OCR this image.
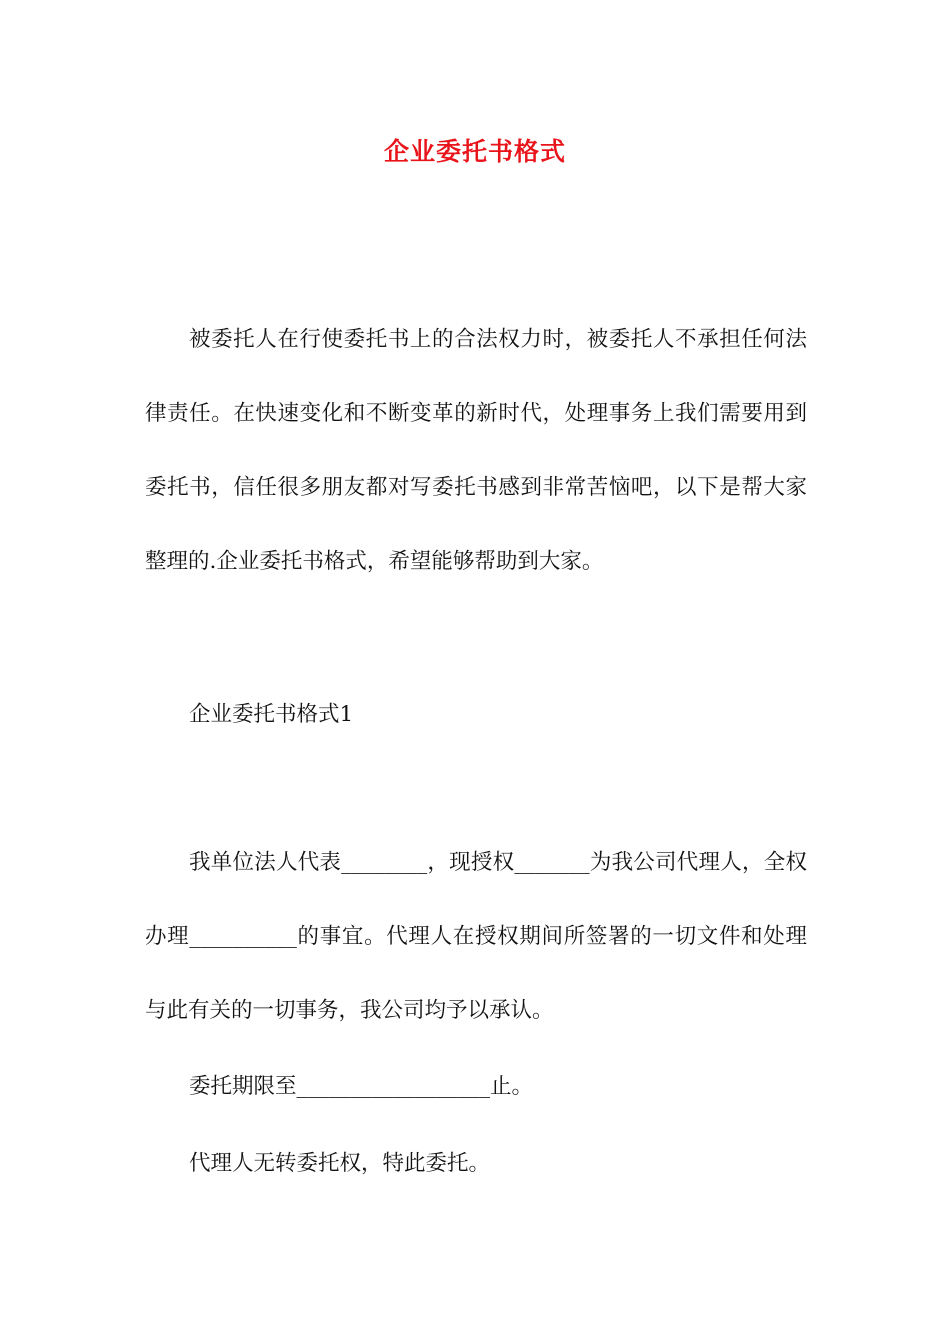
企业委托书格式

被委托人在行使委托书上的合法权力时，被委托人不承担任何法律责任。在快速变化和不断变革的新时代，处理事务上我们需要用到委托书，信任很多朋友都对写委托书感到非常苦恼吧，以下是帮大家整理的.企业委托书格式，希望能够帮助到大家。

企业委托书格式1

我单位法人代表________，现授权_______为我公司代理人，全权办理__________的事宜。代理人在授权期间所签署的一切文件和处理与此有关的一切事务，我公司均予以承认。

委托期限至__________________止。

代理人无转委托权，特此委托。
